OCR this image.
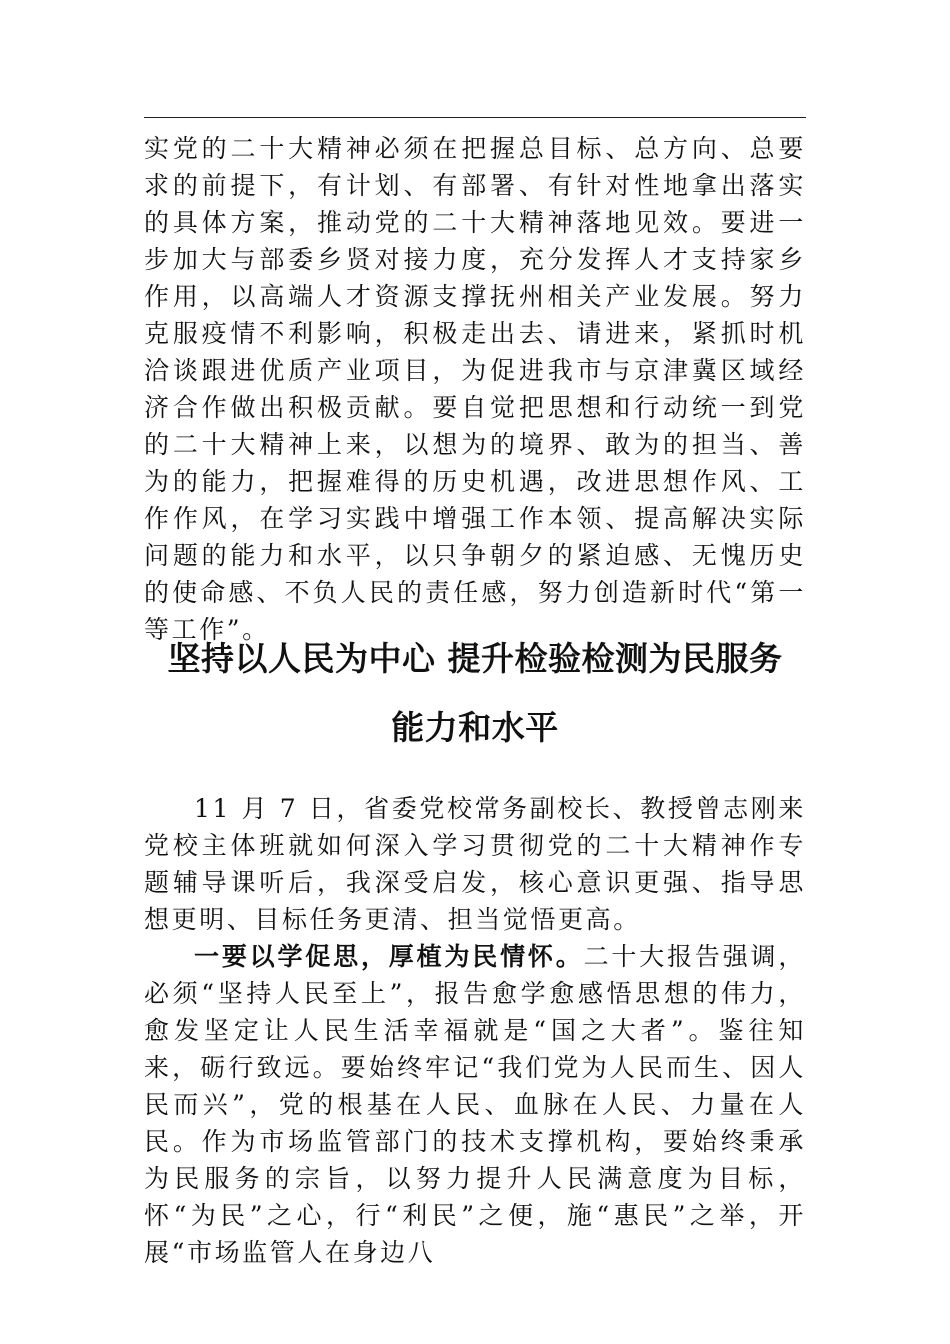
实党的二十大精神必须在把握总目标、总方向、总要求的前提下，有计划、有部署、有针对性地拿出落实的具体方案，推动党的二十大精神落地见效。要进一步加大与部委乡贤对接力度，充分发挥人才支持家乡作用，以高端人才资源支撑抚州相关产业发展。努力克服疫情不利影响，积极走出去、请进来，紧抓时机洽谈跟进优质产业项目，为促进我市与京津冀区域经济合作做出积极贡献。要自觉把思想和行动统一到党的二十大精神上来，以想为的境界、敢为的担当、善为的能力，把握难得的历史机遇，改进思想作风、工作作风，在学习实践中增强工作本领、提高解决实际问题的能力和水平，以只争朝夕的紧迫感、无愧历史的使命感、不负人民的责任感，努力创造新时代“第一等工作”。

坚持以人民为中心 提升检验检测为民服务
能力和水平

11 月 7 日，省委党校常务副校长、教授曾志刚来党校主体班就如何深入学习贯彻党的二十大精神作专题辅导课听后，我深受启发，核心意识更强、指导思想更明、目标任务更清、担当觉悟更高。

一要以学促思，厚植为民情怀。二十大报告强调，必须“坚持人民至上”，报告愈学愈感悟思想的伟力，愈发坚定让人民生活幸福就是“国之大者”。鉴往知来，砺行致远。要始终牢记“我们党为人民而生、因人民而兴”，党的根基在人民、血脉在人民、力量在人民。作为市场监管部门的技术支撑机构，要始终秉承为民服务的宗旨，以努力提升人民满意度为目标，怀“为民”之心，行“利民”之便，施“惠民”之举，开展“市场监管人在身边八
